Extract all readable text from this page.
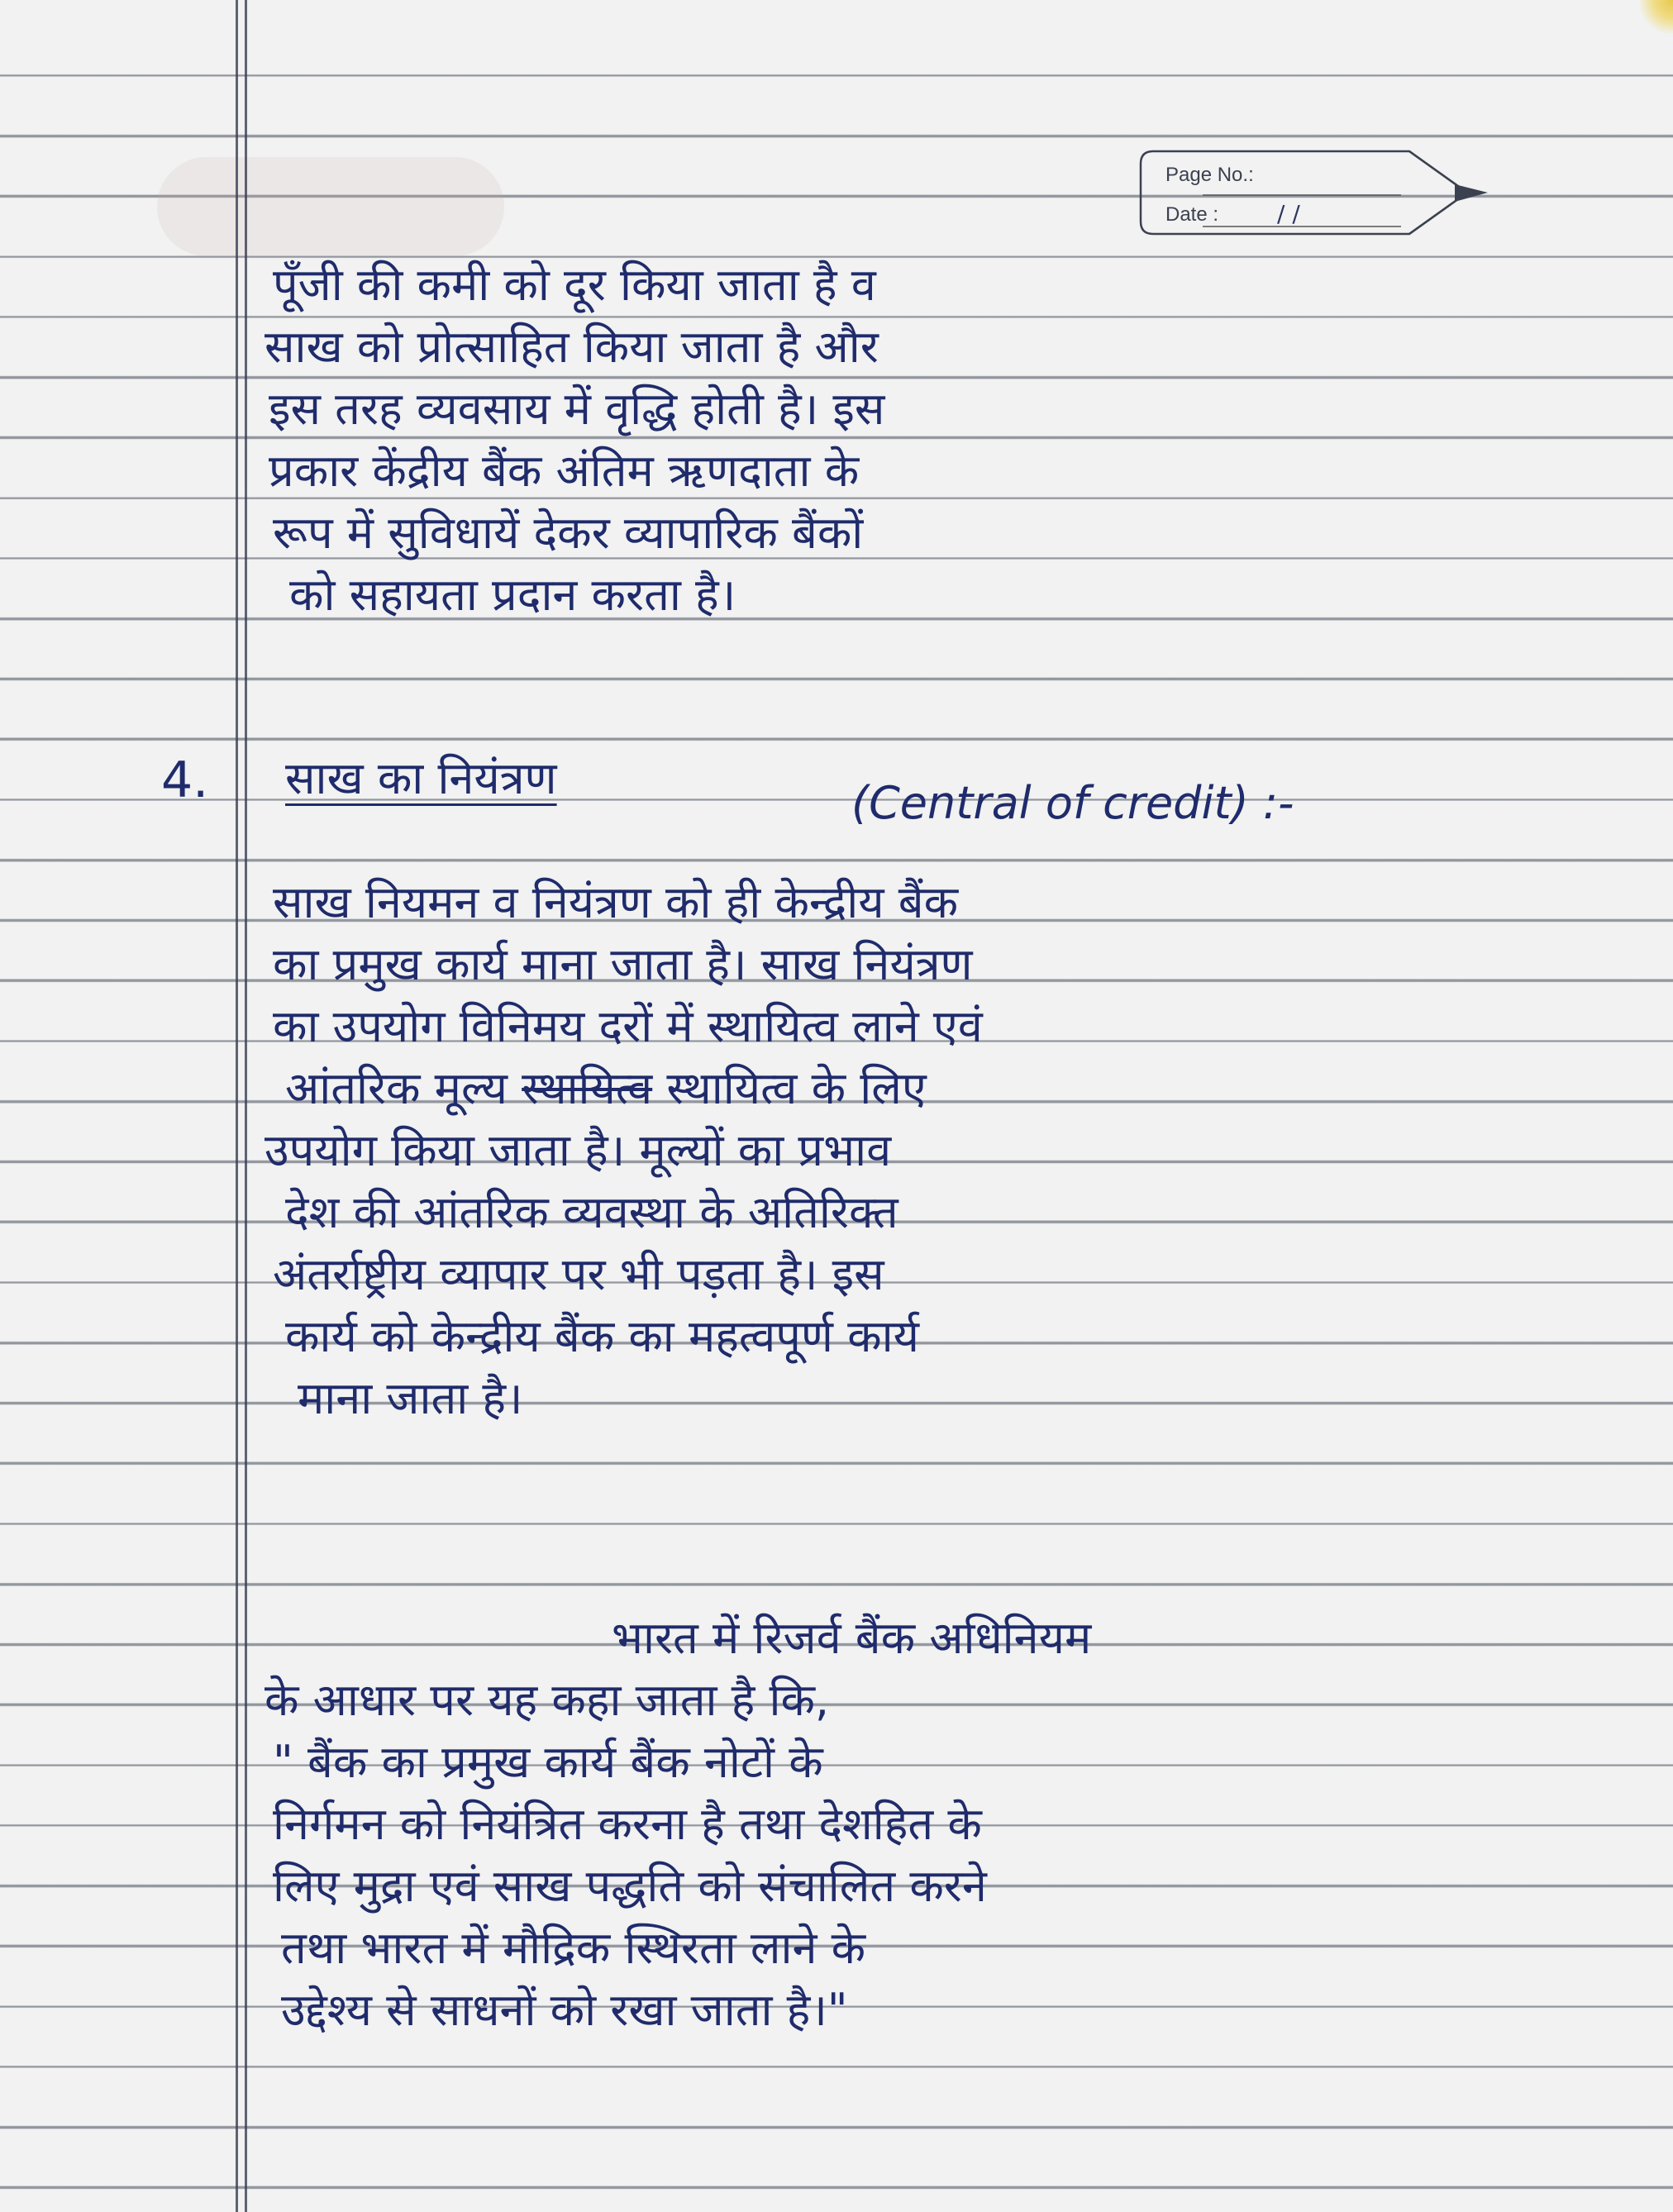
Page No.:
Date :	/ /
पूँजी की कमी को दूर किया जाता है व
साख को प्रोत्साहित किया जाता है और
इस तरह व्यवसाय में वृद्धि होती है। इस
प्रकार केंद्रीय बैंक अंतिम ऋणदाता के
रूप में सुविधायें देकर व्यापारिक बैंकों
को सहायता प्रदान करता है।
4. साख का नियंत्रण	(Central of credit) :-
साख नियमन व नियंत्रण को ही केन्द्रीय बैंक
का प्रमुख कार्य माना जाता है। साख नियंत्रण
का उपयोग विनिमय दरों में स्थायित्व लाने एवं
आंतरिक मूल्य स्थायित्व स्थायित्व के लिए
उपयोग किया जाता है। मूल्यों का प्रभाव
देश की आंतरिक व्यवस्था के अतिरिक्त
अंतर्राष्ट्रीय व्यापार पर भी पड़ता है। इस
कार्य को केन्द्रीय बैंक का महत्वपूर्ण कार्य
माना जाता है।
भारत में रिजर्व बैंक अधिनियम
के आधार पर यह कहा जाता है कि,
" बैंक का प्रमुख कार्य बैंक नोटों के
निर्गमन को नियंत्रित करना है तथा देशहित के
लिए मुद्रा एवं साख पद्धति को संचालित करने
तथा भारत में मौद्रिक स्थिरता लाने के
उद्देश्य से साधनों को रखा जाता है।"
